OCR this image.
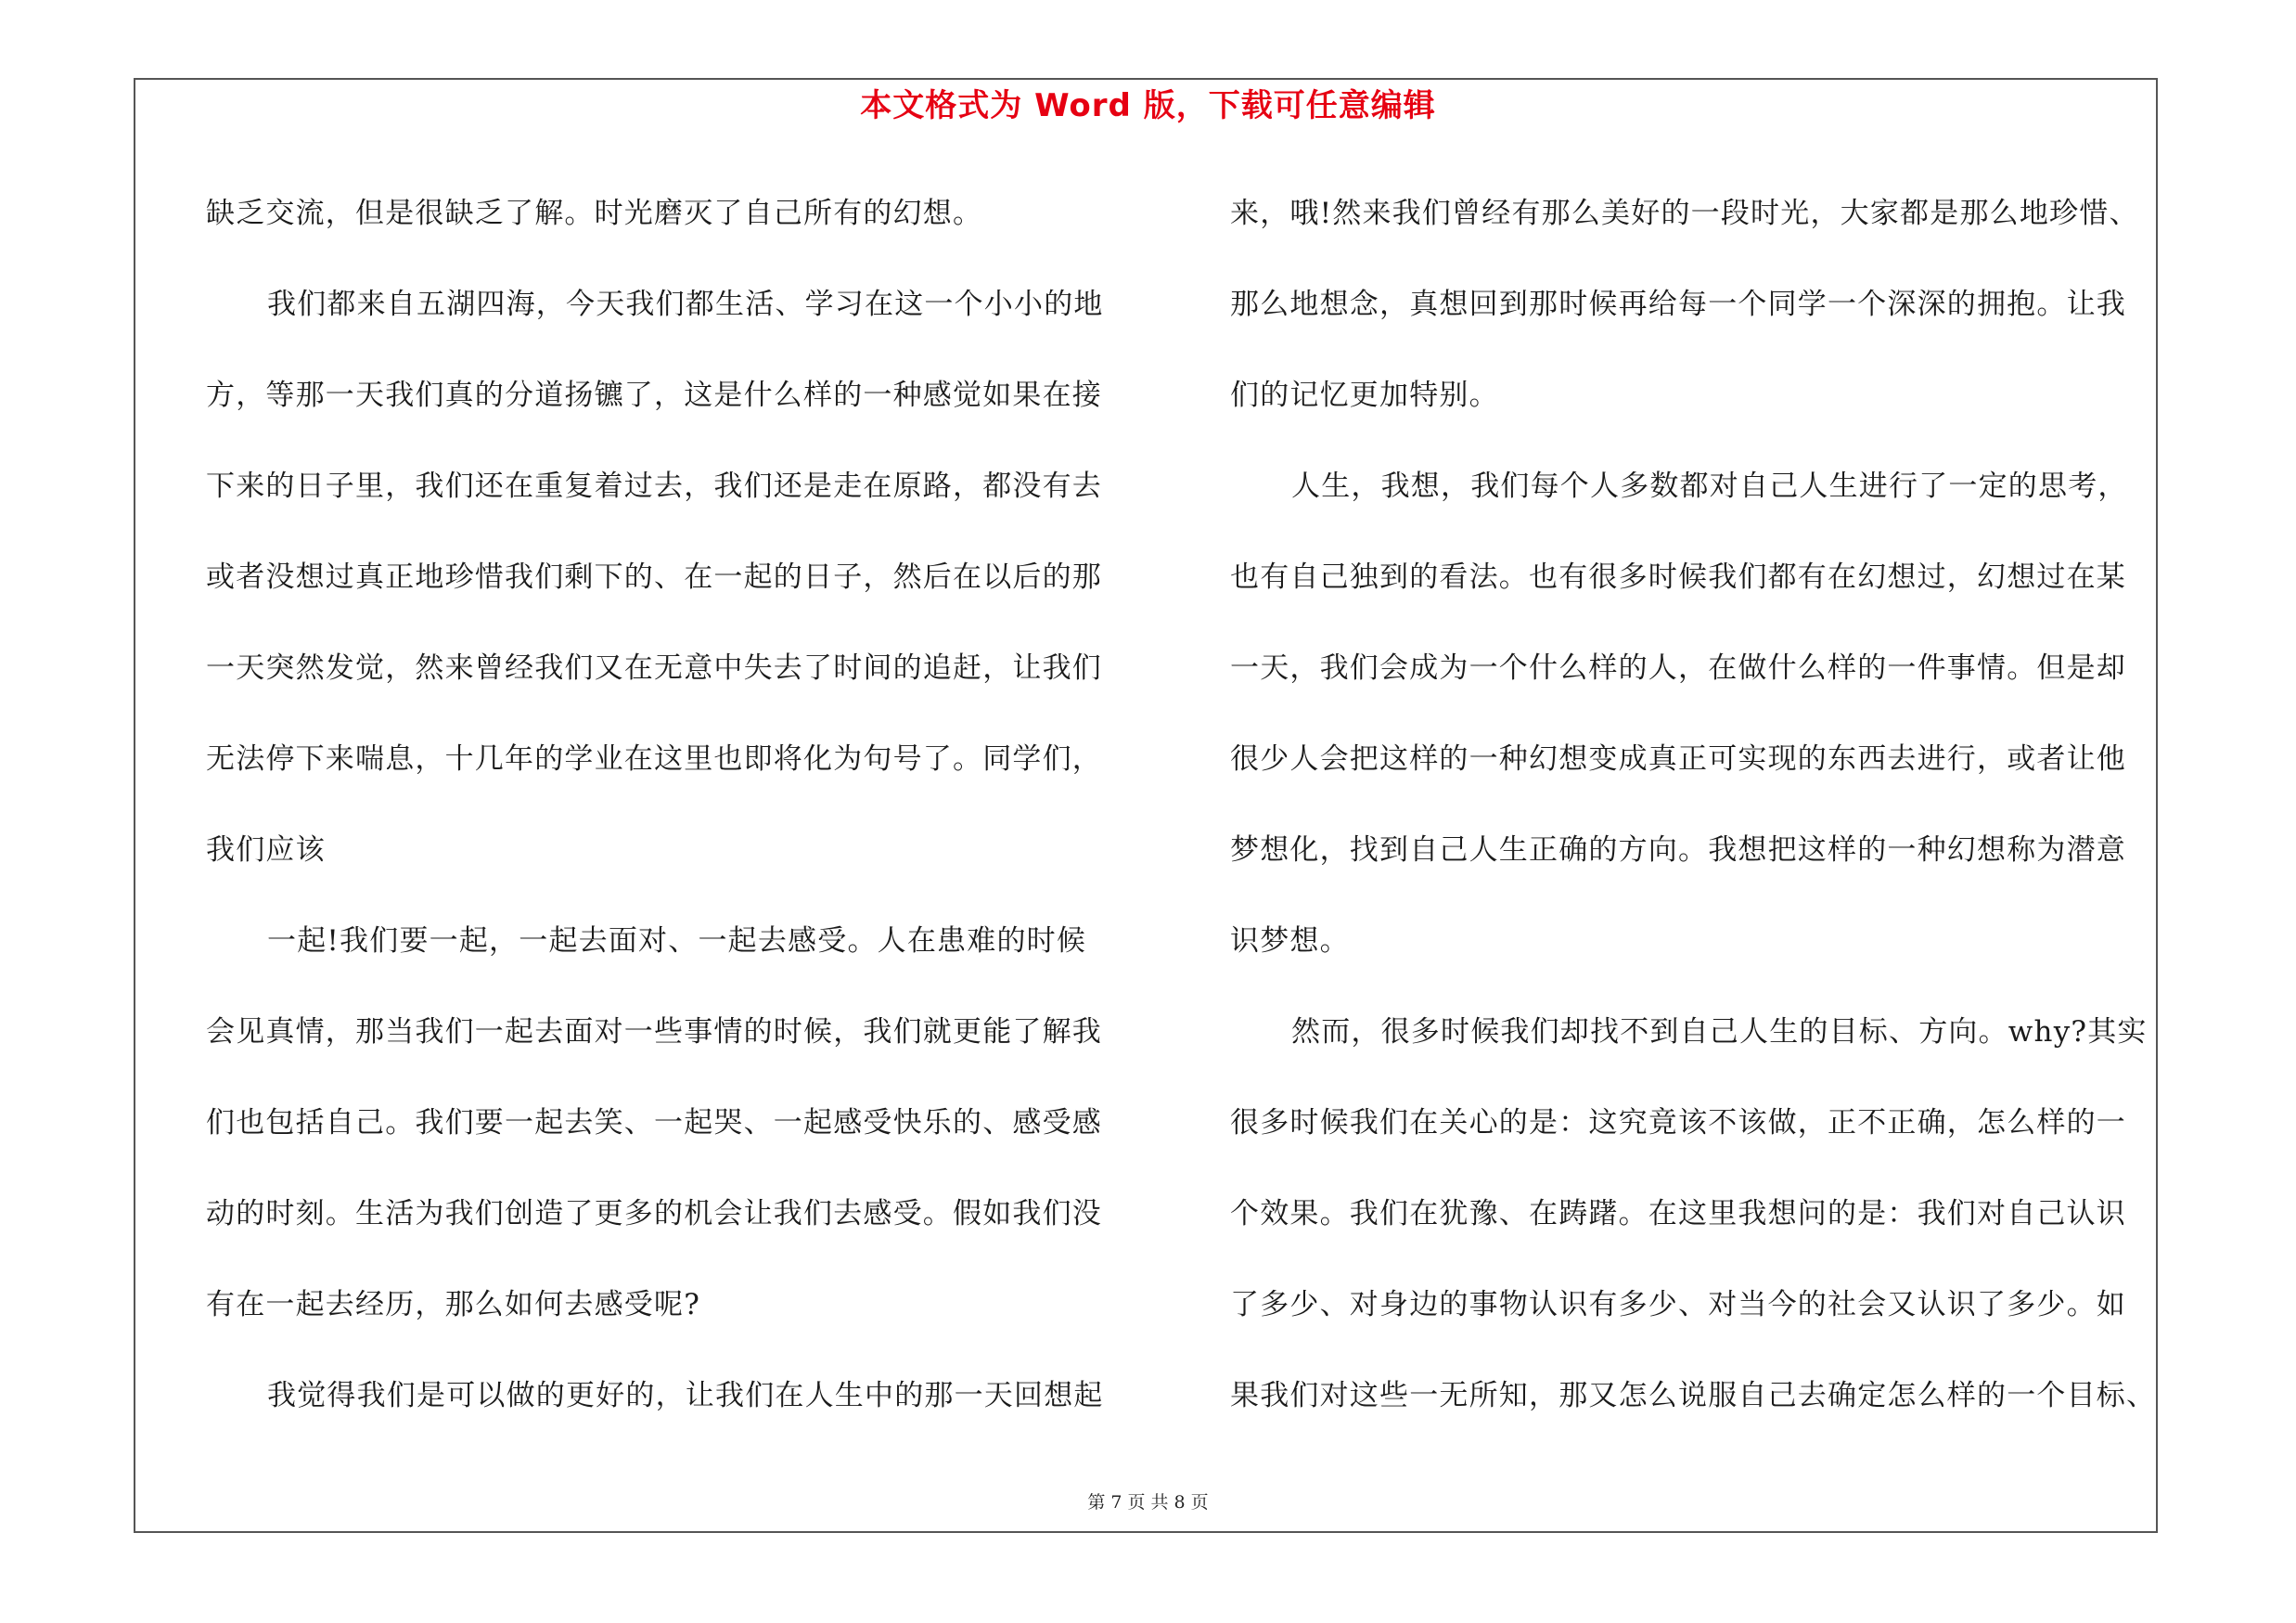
本文格式为 Word 版，下载可任意编辑
缺乏交流，但是很缺乏了解。时光磨灭了自己所有的幻想。
我们都来自五湖四海，今天我们都生活、学习在这一个小小的地
方，等那一天我们真的分道扬镳了，这是什么样的一种感觉如果在接
下来的日子里，我们还在重复着过去，我们还是走在原路，都没有去
或者没想过真正地珍惜我们剩下的、在一起的日子，然后在以后的那
一天突然发觉，然来曾经我们又在无意中失去了时间的追赶，让我们
无法停下来喘息，十几年的学业在这里也即将化为句号了。同学们，
我们应该
一起!我们要一起，一起去面对、一起去感受。人在患难的时候
会见真情，那当我们一起去面对一些事情的时候，我们就更能了解我
们也包括自己。我们要一起去笑、一起哭、一起感受快乐的、感受感
动的时刻。生活为我们创造了更多的机会让我们去感受。假如我们没
有在一起去经历，那么如何去感受呢?
我觉得我们是可以做的更好的，让我们在人生中的那一天回想起
来，哦!然来我们曾经有那么美好的一段时光，大家都是那么地珍惜、
那么地想念，真想回到那时候再给每一个同学一个深深的拥抱。让我
们的记忆更加特别。
人生，我想，我们每个人多数都对自己人生进行了一定的思考，
也有自己独到的看法。也有很多时候我们都有在幻想过，幻想过在某
一天，我们会成为一个什么样的人，在做什么样的一件事情。但是却
很少人会把这样的一种幻想变成真正可实现的东西去进行，或者让他
梦想化，找到自己人生正确的方向。我想把这样的一种幻想称为潜意
识梦想。
然而，很多时候我们却找不到自己人生的目标、方向。why?其实
很多时候我们在关心的是：这究竟该不该做，正不正确，怎么样的一
个效果。我们在犹豫、在踌躇。在这里我想问的是：我们对自己认识
了多少、对身边的事物认识有多少、对当今的社会又认识了多少。如
果我们对这些一无所知，那又怎么说服自己去确定怎么样的一个目标、
第 7 页 共 8 页
